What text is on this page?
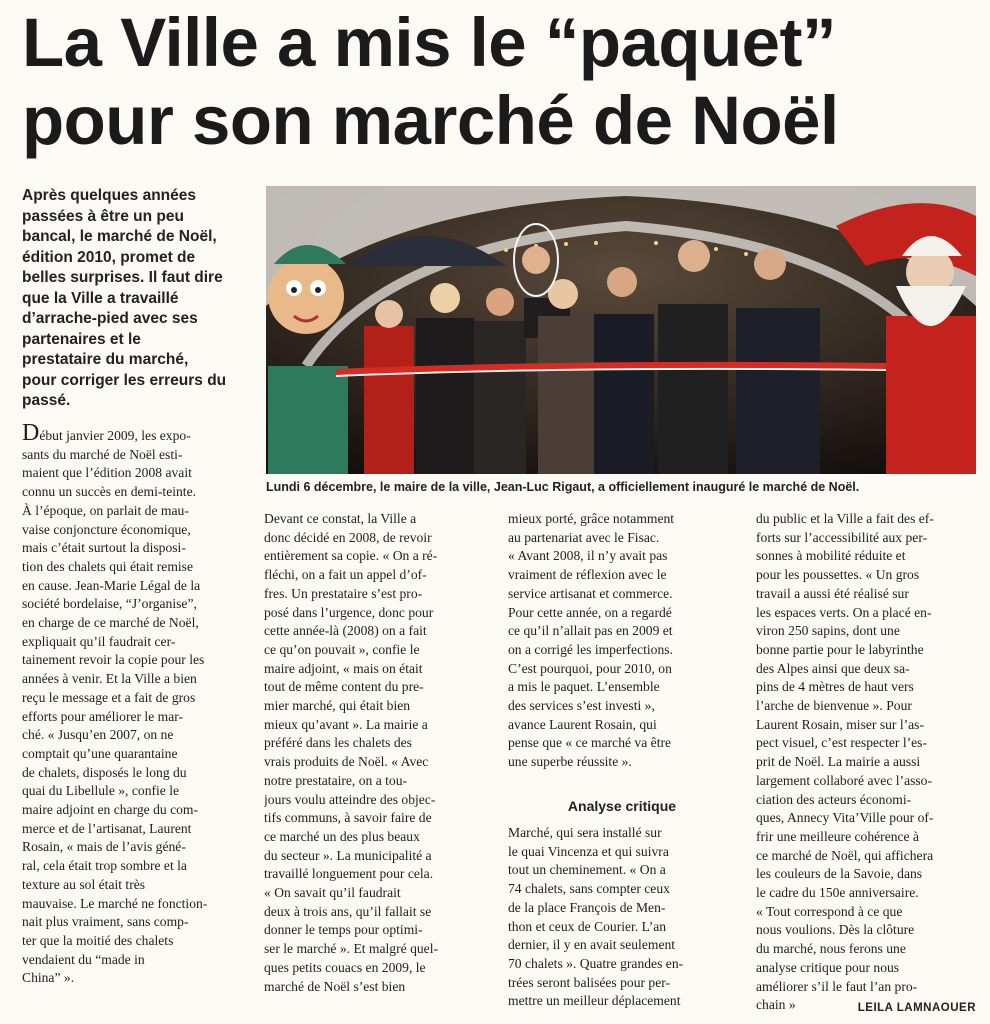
La Ville a mis le “paquet”
pour son marché de Noël
Après quelques années
passées à être un peu
bancal, le marché de Noël,
édition 2010, promet de
belles surprises. Il faut dire
que la Ville a travaillé
d’arrache-pied avec ses
partenaires et le
prestataire du marché,
pour corriger les erreurs du
passé.
Lundi 6 décembre, le maire de la ville, Jean-Luc Rigaut, a officiellement inauguré le marché de Noël.
Début janvier 2009, les expo-
sants du marché de Noël esti-
maient que l’édition 2008 avait
connu un succès en demi-teinte.
À l’époque, on parlait de mau-
vaise conjoncture économique,
mais c’était surtout la disposi-
tion des chalets qui était remise
en cause. Jean-Marie Légal de la
société bordelaise, “J’organise”,
en charge de ce marché de Noël,
expliquait qu’il faudrait cer-
tainement revoir la copie pour les
années à venir. Et la Ville a bien
reçu le message et a fait de gros
efforts pour améliorer le mar-
ché. « Jusqu’en 2007, on ne
comptait qu’une quarantaine
de chalets, disposés le long du
quai du Libellule », confie le
maire adjoint en charge du com-
merce et de l’artisanat, Laurent
Rosain, « mais de l’avis géné-
ral, cela était trop sombre et la
texture au sol était très
mauvaise. Le marché ne fonction-
nait plus vraiment, sans comp-
ter que la moitié des chalets
vendaient du “made in
China” ».
Devant ce constat, la Ville a
donc décidé en 2008, de revoir
entièrement sa copie. « On a ré-
fléchi, on a fait un appel d’of-
fres. Un prestataire s’est pro-
posé dans l’urgence, donc pour
cette année-là (2008) on a fait
ce qu’on pouvait », confie le
maire adjoint, « mais on était
tout de même content du pre-
mier marché, qui était bien
mieux qu’avant ». La mairie a
préféré dans les chalets des
vrais produits de Noël. « Avec
notre prestataire, on a tou-
jours voulu atteindre des objec-
tifs communs, à savoir faire de
ce marché un des plus beaux
du secteur ». La municipalité a
travaillé longuement pour cela.
« On savait qu’il faudrait
deux à trois ans, qu’il fallait se
donner le temps pour optimi-
ser le marché ». Et malgré quel-
ques petits couacs en 2009, le
marché de Noël s’est bien
mieux porté, grâce notamment
au partenariat avec le Fisac.
« Avant 2008, il n’y avait pas
vraiment de réflexion avec le
service artisanat et commerce.
Pour cette année, on a regardé
ce qu’il n’allait pas en 2009 et
on a corrigé les imperfections.
C’est pourquoi, pour 2010, on
a mis le paquet. L’ensemble
des services s’est investi »,
avance Laurent Rosain, qui
pense que « ce marché va être
une superbe réussite ».
Analyse critique
Marché, qui sera installé sur
le quai Vincenza et qui suivra
tout un cheminement. « On a
74 chalets, sans compter ceux
de la place François de Men-
thon et ceux de Courier. L’an
dernier, il y en avait seulement
70 chalets ». Quatre grandes en-
trées seront balisées pour per-
mettre un meilleur déplacement
du public et la Ville a fait des ef-
forts sur l’accessibilité aux per-
sonnes à mobilité réduite et
pour les poussettes. « Un gros
travail a aussi été réalisé sur
les espaces verts. On a placé en-
viron 250 sapins, dont une
bonne partie pour le labyrinthe
des Alpes ainsi que deux sa-
pins de 4 mètres de haut vers
l’arche de bienvenue ». Pour
Laurent Rosain, miser sur l’as-
pect visuel, c’est respecter l’es-
prit de Noël. La mairie a aussi
largement collaboré avec l’asso-
ciation des acteurs économi-
ques, Annecy Vita’Ville pour of-
frir une meilleure cohérence à
ce marché de Noël, qui affichera
les couleurs de la Savoie, dans
le cadre du 150e anniversaire.
« Tout correspond à ce que
nous voulions. Dès la clôture
du marché, nous ferons une
analyse critique pour nous
améliorer s’il le faut l’an pro-
chain »	LEILA LAMNAOUER
